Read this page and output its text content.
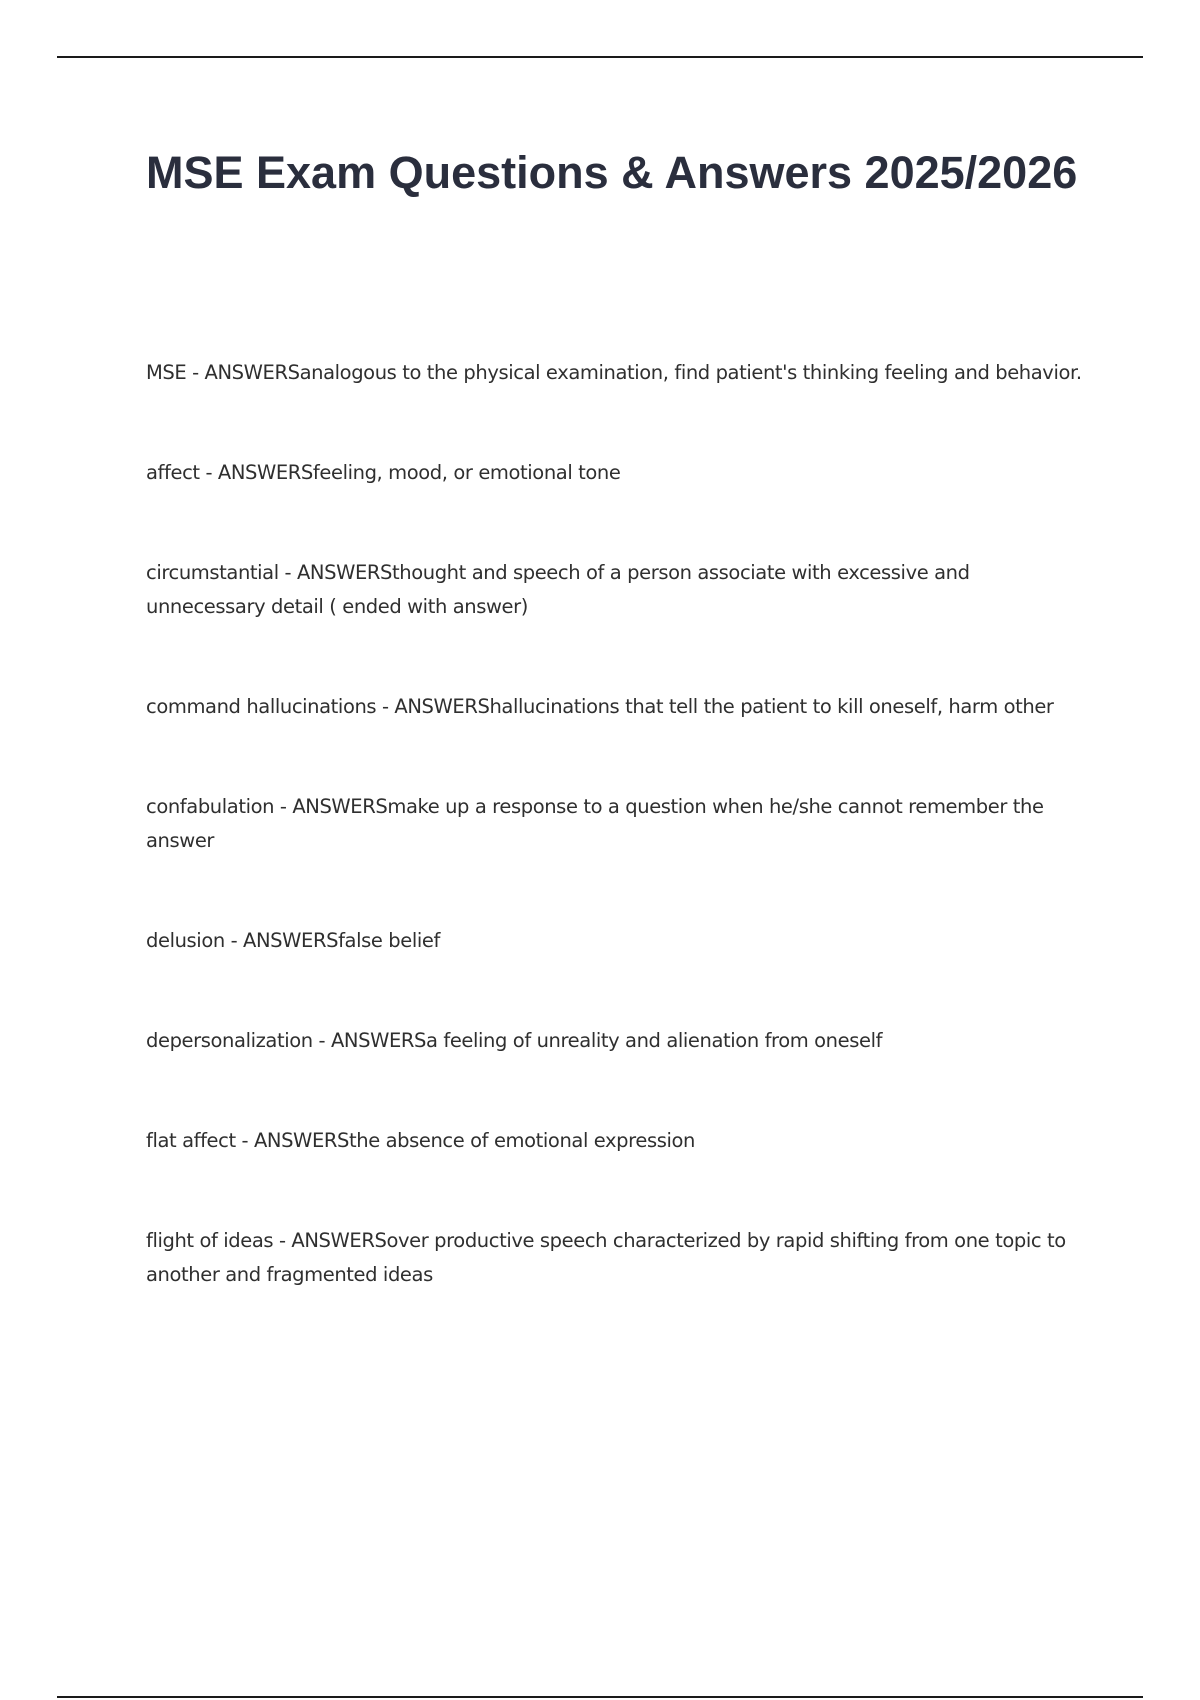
MSE Exam Questions & Answers 2025/2026
MSE - ANSWERSanalogous to the physical examination, find patient's thinking feeling and behavior.
affect - ANSWERSfeeling, mood, or emotional tone
circumstantial - ANSWERSthought and speech of a person associate with excessive and unnecessary detail ( ended with answer)
command hallucinations - ANSWERShallucinations that tell the patient to kill oneself, harm other
confabulation - ANSWERSmake up a response to a question when he/she cannot remember the answer
delusion - ANSWERSfalse belief
depersonalization - ANSWERSa feeling of unreality and alienation from oneself
flat affect - ANSWERSthe absence of emotional expression
flight of ideas - ANSWERSover productive speech characterized by rapid shifting from one topic to another and fragmented ideas
